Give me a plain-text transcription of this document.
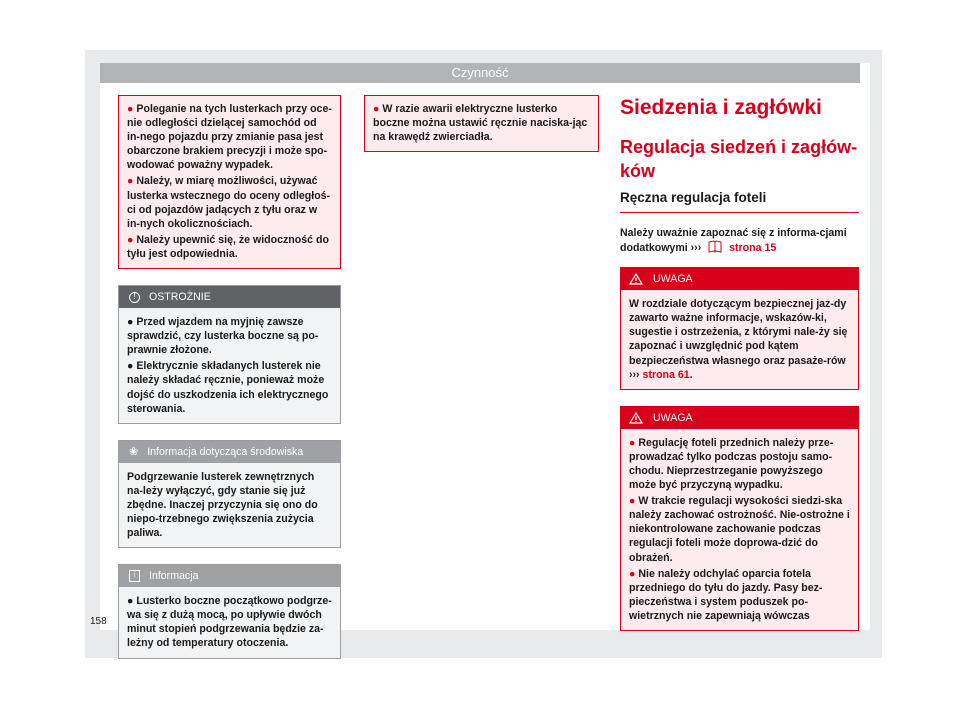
Czynność

● Poleganie na tych lusterkach przy oce-nie odległości dzielącej samochód od in-nego pojazdu przy zmianie pasa jest obarczone brakiem precyzji i może spo-wodować poważny wypadek.

● Należy, w miarę możliwości, używać lusterka wstecznego do oceny odległoś-ci od pojazdów jadących z tyłu oraz w in-nych okolicznościach.

● Należy upewnić się, że widoczność do tyłu jest odpowiednia.

!	OSTROŻNIE

● Przed wjazdem na myjnię zawsze sprawdzić, czy lusterka boczne są po-prawnie złożone.

● Elektrycznie składanych lusterek nie należy składać ręcznie, ponieważ może dojść do uszkodzenia ich elektrycznego sterowania.

❀ Informacja dotycząca środowiska
Podgrzewanie lusterek zewnętrznych na-leży wyłączyć, gdy stanie się już zbędne. Inaczej przyczynia się ono do niepo-trzebnego zwiększenia zużycia paliwa.
i	Informacja

● Lusterko boczne początkowo podgrze-wa się z dużą mocą, po upływie dwóch minut stopień podgrzewania będzie za-leżny od temperatury otoczenia.

● W razie awarii elektryczne lusterko boczne można ustawić ręcznie naciska-jąc na krawędź zwierciadła.

Siedzenia i zagłówki
Regulacja siedzeń i zagłów-ków
Ręczna regulacja foteli

Należy uważnie zapoznać się z informa-cjami dodatkowymi ›››	strona 15

UWAGA
W rozdziale dotyczącym bezpiecznej jaz-dy zawarto ważne informacje, wskazów-ki, sugestie i ostrzeżenia, z którymi nale-ży się zapoznać i uwzględnić pod kątem bezpieczeństwa własnego oraz pasaże-rów ››› strona 61.
UWAGA

● Regulację foteli przednich należy prze-prowadzać tylko podczas postoju samo-chodu. Nieprzestrzeganie powyższego może być przyczyną wypadku.

● W trakcie regulacji wysokości siedzi-ska należy zachować ostrożność. Nie-ostrożne i niekontrolowane zachowanie podczas regulacji foteli może doprowa-dzić do obrażeń.

● Nie należy odchylać oparcia fotela przedniego do tyłu do jazdy. Pasy bez-pieczeństwa i system poduszek po-wietrznych nie zapewniają wówczas

158
